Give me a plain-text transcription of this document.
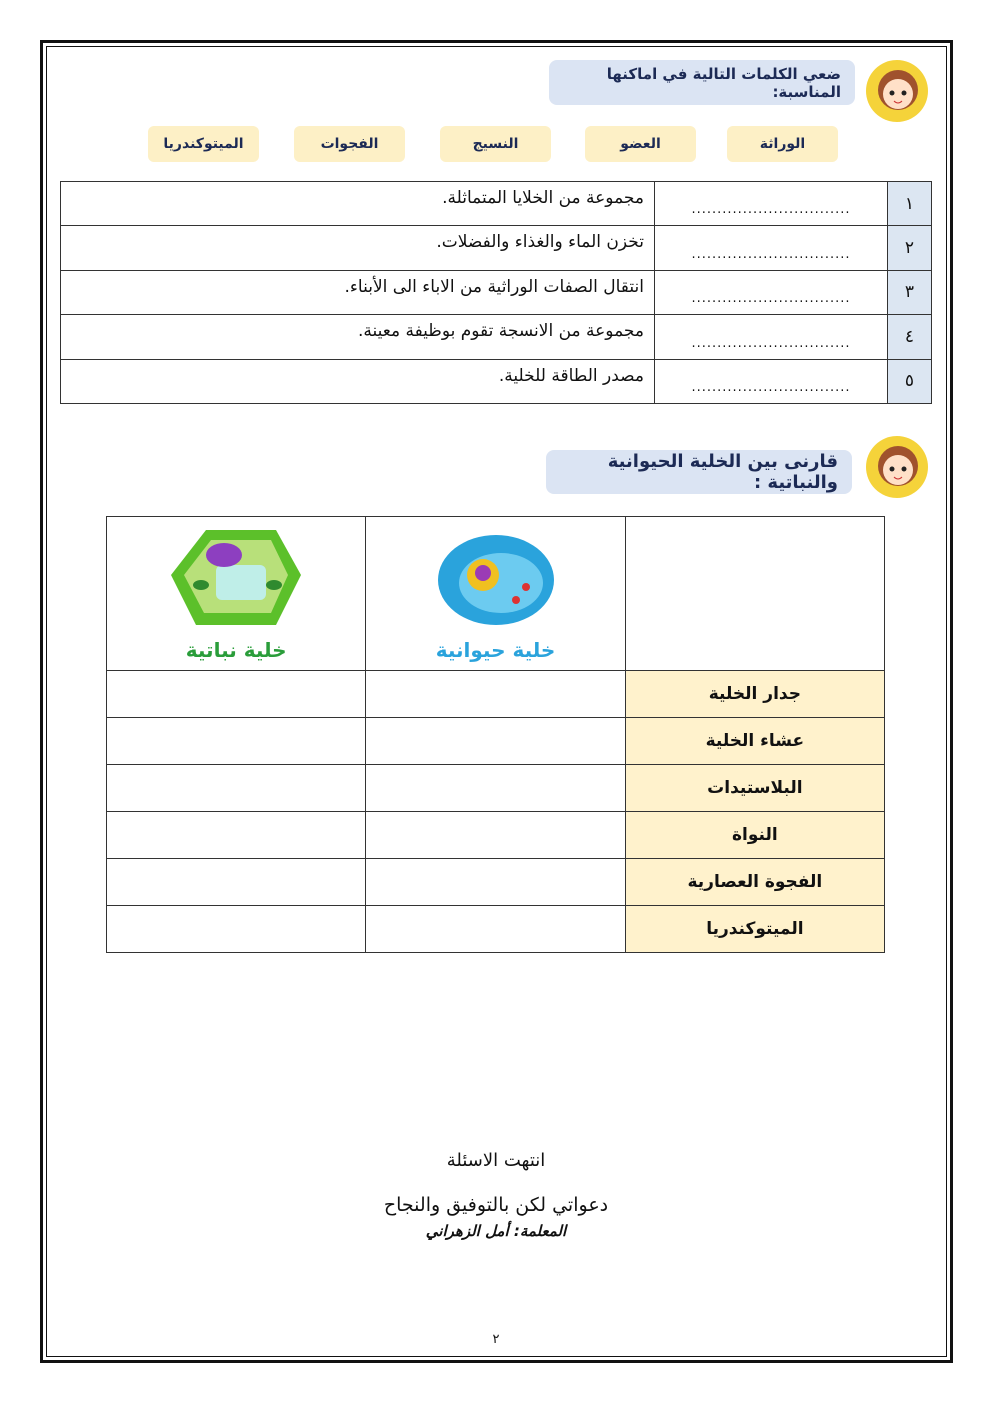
ضعي الكلمات التالية في اماكنها المناسبة:
الوراثة
العضو
النسيج
الفجوات
الميتوكندريا
١	...............................	مجموعة من الخلايا المتماثلة.
٢	...............................	تخزن الماء والغذاء والفضلات.
٣	...............................	انتقال الصفات الوراثية من الاباء الى الأبناء.
٤	...............................	مجموعة من الانسجة تقوم بوظيفة معينة.
٥	...............................	مصدر الطاقة للخلية.
قارنى بين الخلية الحيوانية والنباتية :

	خلية حيوانية	خلية نباتية

جدار الخلية		
عشاء الخلية		
البلاستيدات		
النواة		
الفجوة العصارية		
الميتوكندريا		
انتهت الاسئلة
دعواتي لكن بالتوفيق والنجاح
المعلمة: أمل الزهراني
٢
